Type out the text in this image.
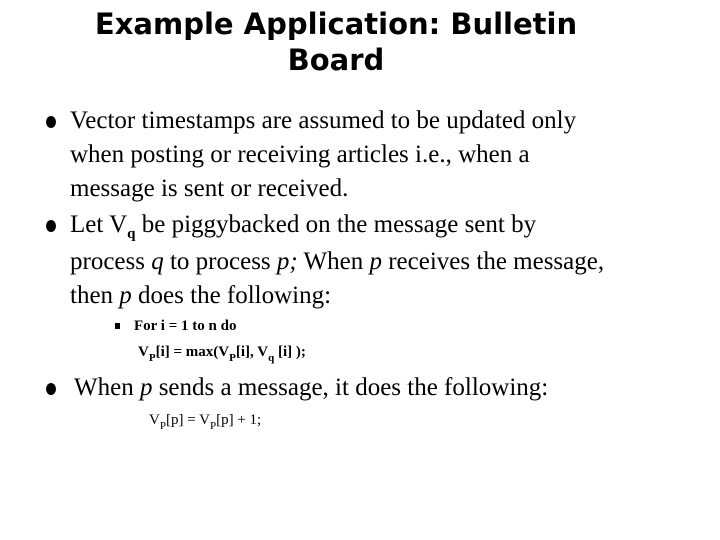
Example Application: Bulletin
Board
Vector timestamps are assumed to be updated only
when posting or receiving articles i.e., when a
message is sent or received.
Let $V_q$ be piggybacked on the message sent by
process q to process p; When p receives the message,
then p does the following:
For i = 1 to n do
$V_P[i] = \max(V_P[i]$, $V_q$ [i] );
When p sends a message, it does the following:
$V_P[p] = V_P[p] + 1$;
